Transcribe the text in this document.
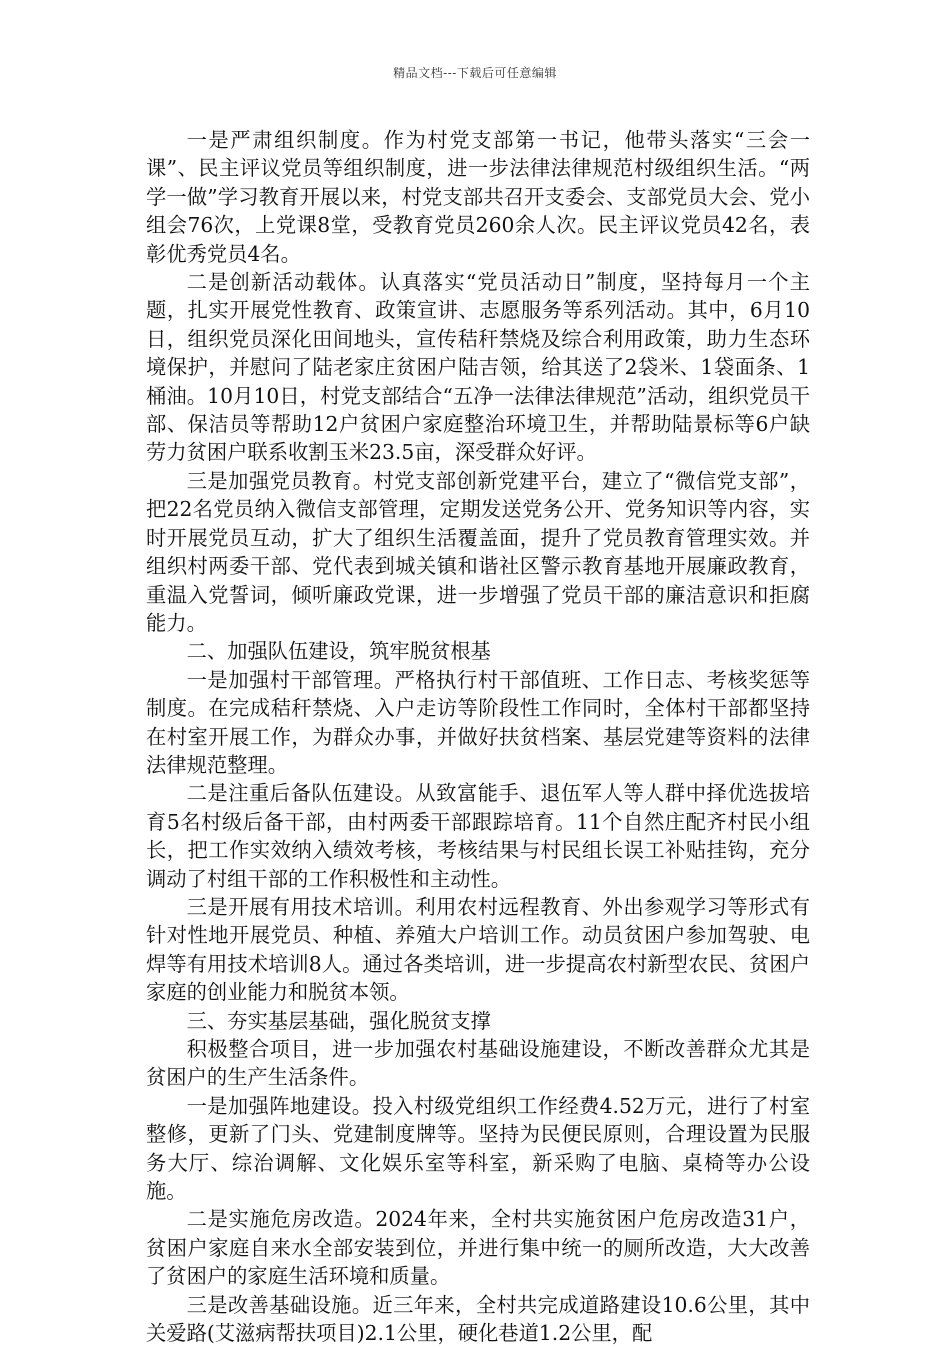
精品文档---下载后可任意编辑

一是严肃组织制度。作为村党支部第一书记，他带头落实“三会一课”、民主评议党员等组织制度，进一步法律法律规范村级组织生活。“两学一做”学习教育开展以来，村党支部共召开支委会、支部党员大会、党小组会76次，上党课8堂，受教育党员260余人次。民主评议党员42名，表彰优秀党员4名。

二是创新活动载体。认真落实“党员活动日”制度，坚持每月一个主题，扎实开展党性教育、政策宣讲、志愿服务等系列活动。其中，6月10日，组织党员深化田间地头，宣传秸秆禁烧及综合利用政策，助力生态环境保护，并慰问了陆老家庄贫困户陆吉领，给其送了2袋米、1袋面条、1桶油。10月10日，村党支部结合“五净一法律法律规范”活动，组织党员干部、保洁员等帮助12户贫困户家庭整治环境卫生，并帮助陆景标等6户缺劳力贫困户联系收割玉米23.5亩，深受群众好评。

三是加强党员教育。村党支部创新党建平台，建立了“微信党支部”，把22名党员纳入微信支部管理，定期发送党务公开、党务知识等内容，实时开展党员互动，扩大了组织生活覆盖面，提升了党员教育管理实效。并组织村两委干部、党代表到城关镇和谐社区警示教育基地开展廉政教育，重温入党誓词，倾听廉政党课，进一步增强了党员干部的廉洁意识和拒腐能力。

二、加强队伍建设，筑牢脱贫根基

一是加强村干部管理。严格执行村干部值班、工作日志、考核奖惩等制度。在完成秸秆禁烧、入户走访等阶段性工作同时，全体村干部都坚持在村室开展工作，为群众办事，并做好扶贫档案、基层党建等资料的法律法律规范整理。

二是注重后备队伍建设。从致富能手、退伍军人等人群中择优选拔培育5名村级后备干部，由村两委干部跟踪培育。11个自然庄配齐村民小组长，把工作实效纳入绩效考核，考核结果与村民组长误工补贴挂钩，充分调动了村组干部的工作积极性和主动性。

三是开展有用技术培训。利用农村远程教育、外出参观学习等形式有针对性地开展党员、种植、养殖大户培训工作。动员贫困户参加驾驶、电焊等有用技术培训8人。通过各类培训，进一步提高农村新型农民、贫困户家庭的创业能力和脱贫本领。

三、夯实基层基础，强化脱贫支撑

积极整合项目，进一步加强农村基础设施建设，不断改善群众尤其是贫困户的生产生活条件。

一是加强阵地建设。投入村级党组织工作经费4.52万元，进行了村室整修，更新了门头、党建制度牌等。坚持为民便民原则，合理设置为民服务大厅、综治调解、文化娱乐室等科室，新采购了电脑、桌椅等办公设施。

二是实施危房改造。2024年来，全村共实施贫困户危房改造31户，贫困户家庭自来水全部安装到位，并进行集中统一的厕所改造，大大改善了贫困户的家庭生活环境和质量。

三是改善基础设施。近三年来，全村共完成道路建设10.6公里，其中关爱路(艾滋病帮扶项目)2.1公里，硬化巷道1.2公里，配
